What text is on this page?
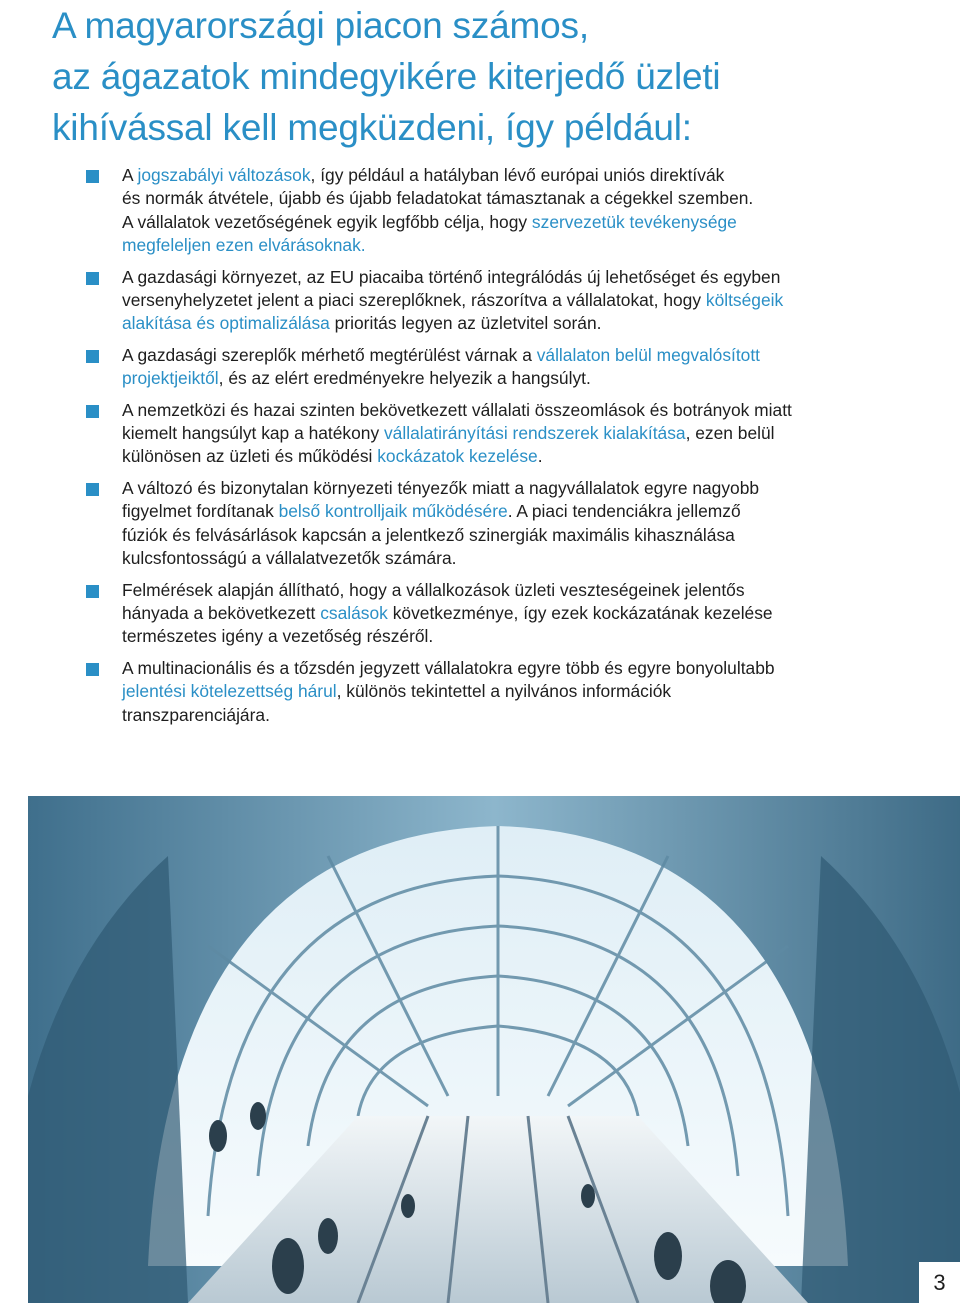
A magyarországi piacon számos,
az ágazatok mindegyikére kiterjedő üzleti
kihívással kell megküzdeni, így például:
A jogszabályi változások, így például a hatályban lévő európai uniós direktívák
és normák átvétele, újabb és újabb feladatokat támasztanak a cégekkel szemben.
A vállalatok vezetőségének egyik legfőbb célja, hogy szervezetük tevékenysége
megfeleljen ezen elvárásoknak.
A gazdasági környezet, az EU piacaiba történő integrálódás új lehetőséget és egyben
versenyhelyzetet jelent a piaci szereplőknek, rászorítva a vállalatokat, hogy költségeik
alakítása és optimalizálása prioritás legyen az üzletvitel során.
A gazdasági szereplők mérhető megtérülést várnak a vállalaton belül megvalósított
projektjeiktől, és az elért eredményekre helyezik a hangsúlyt.
A nemzetközi és hazai szinten bekövetkezett vállalati összeomlások és botrányok miatt
kiemelt hangsúlyt kap a hatékony vállalatirányítási rendszerek kialakítása, ezen belül
különösen az üzleti és működési kockázatok kezelése.
A változó és bizonytalan környezeti tényezők miatt a nagyvállalatok egyre nagyobb
figyelmet fordítanak belső kontrolljaik működésére. A piaci tendenciákra jellemző
fúziók és felvásárlások kapcsán a jelentkező szinergiák maximális kihasználása
kulcsfontosságú a vállalatvezetők számára.
Felmérések alapján állítható, hogy a vállalkozások üzleti veszteségeinek jelentős
hányada a bekövetkezett csalások következménye, így ezek kockázatának kezelése
természetes igény a vezetőség részéről.
A multinacionális és a tőzsdén jegyzett vállalatokra egyre több és egyre bonyolultabb
jelentési kötelezettség hárul, különös tekintettel a nyilvános információk
transzparenciájára.
3
